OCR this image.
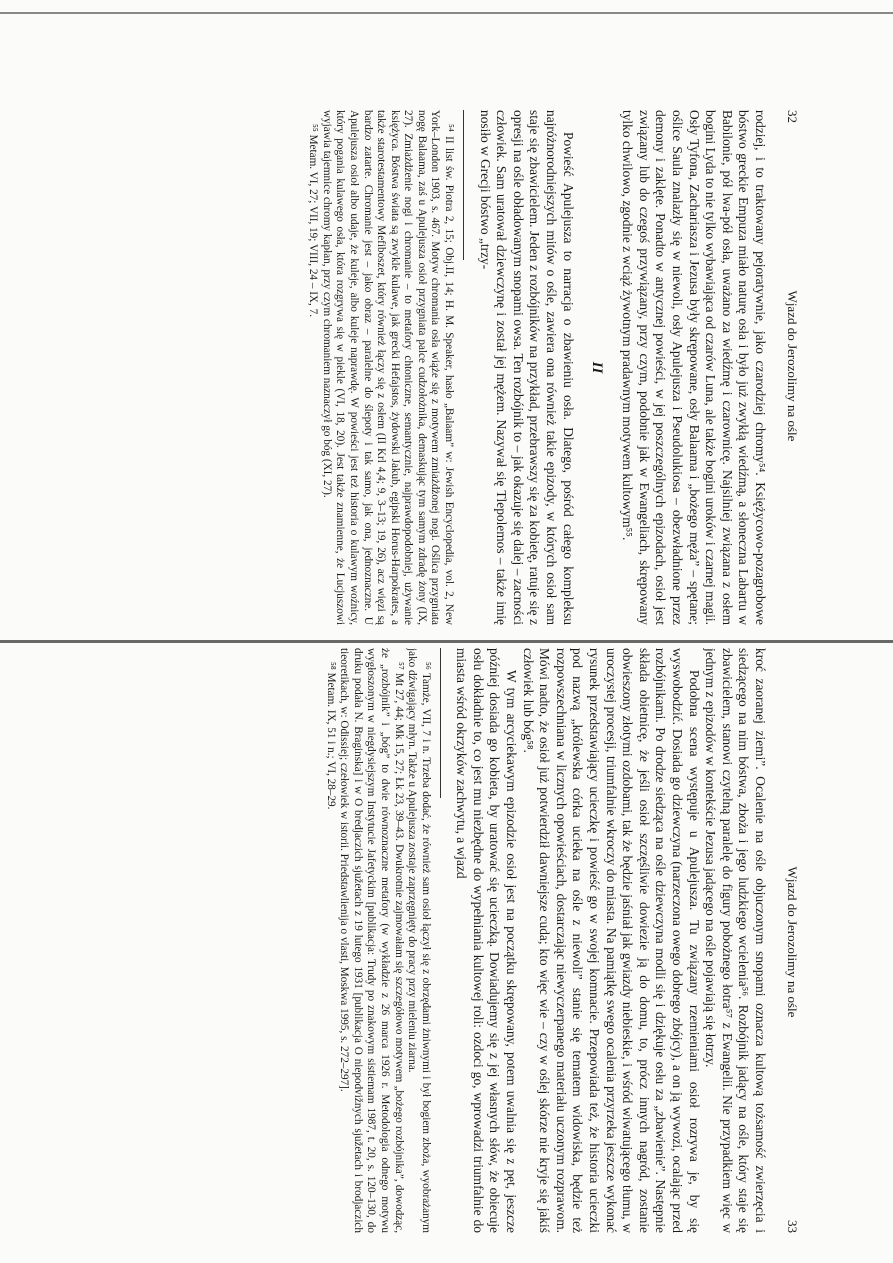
32
Wjazd do Jerozolimy na ośle

rodziej, i to traktowany pejoratywnie, jako czarodziej chromy⁵⁴. Księżycowo-pozagrobowe bóstwo greckie Empuza miało naturę osła i było już zwykłą wiedźmą, a słoneczna Labartu w Babilonie, pół lwa-pół osła, uważano za wiedźmę i czarownicę. Najsilniej związana z osłem bogini Lyda to nie tylko wybawiająca od czarów Luna, ale także bogini uroków i czarnej magii. Osły Tyfona, Zachariasza i Jezusa były skrępowane, osły Balaama i „bożego męża” – spętane; oślice Saula znalazły się w niewoli, osły Apulejusza i Pseudolukiosa – obezwładnione przez demony i zaklęte. Ponadto w antycznej powieści, w jej poszczególnych epizodach, osioł jest związany lub do czegoś przywiązany, przy czym, podobnie jak w Ewangeliach, skrępowany tylko chwilowo, zgodnie z wciąż żywotnym pradawnym motywem kultowym⁵⁵.

II

Powieść Apulejusza to narracja o zbawieniu osła. Dlatego, pośród całego kompleksu najróżnorodniejszych mitów o ośle, zawiera ona również takie epizody, w których osioł sam staje się zbawicielem. Jeden z rozbójników na przykład, przebrawszy się za kobietę, ratuje się z opresji na ośle obładowanym snopami owsa. Ten rozbójnik to – jak okazuje się dalej – zacności człowiek. Sam uratował dziewczynę i został jej mężem. Nazywał się Tlepolemos – także imię nosiło w Grecji bóstwo „trzy-

⁵⁴ II list św. Piotra 2, 15; Obj.II, 14; H. M. Speaker, hasło „Balaam” w: Jewish Encyclopedia, vol. 2, New York–London 1903, s. 467. Motyw chromania osła wiąże się z motywem zmiażdżonej nogi. Oślica przygniata nogę Balaama, zaś u Apulejusza osioł przygniata palce cudzołożnika, demaskując tym samym zdradę żony (IX, 27). Zmiażdżenie nogi i chromanie – to metafory chtoniczne, semantycznie, najprawdopodobniej, używanie księżyca. Bóstwa świata są zwykle kulawe, jak grecki Hefajstos, żydowski Jakub, egipski Horus-Harpokrates, a także starotestamentowy Mefiboszet, który również łączy się z osłem (II Krl 4,4; 9, 3–13; 19, 26), acz więzi są bardzo zatarte. Chromanie jest – jako obraz – paralelne do ślepoty i tak samo, jak ona, jednoznaczne. U Apulejusza osioł albo udaje, że kuleje, albo kuleje naprawdę. W powieści jest też historia o kulawym woźnicy, który pogania kulawego osła, która rozgrywa się w piekle (VI, 18, 20). Jest także znamienne, że Lucjuszowi wyjawia tajemnice chromy kapłan, przy czym chromaniem naznaczył go bóg (XI, 27).

⁵⁵ Metam. VI, 27; VII, 19; VIII, 24 – IX, 7.

Wjazd do Jerozolimy na ośle
33

kroć zaoranej ziemi”. Ocalenie na ośle objuczonym snopami oznacza kultową tożsamość zwierzęcia i siedzącego na nim bóstwa, zboża i jego ludzkiego wcielenia⁵⁶. Rozbójnik jadący na ośle, który staje się zbawicielem, stanowi czytelną paralelę do figury pobożnego łotra⁵⁷ z Ewangelii. Nie przypadkiem więc w jednym z epizodów w kontekście Jezusa jadącego na ośle pojawiają się łotrzy.

Podobna scena występuje u Apulejusza. Tu związany rzemieniami osioł rozrywa je, by się wyswobodzić. Dosiada go dziewczyna (narzeczona owego dobrego zbójcy), a on ją wywozi, ocalając przed rozbójnikami. Po drodze siedząca na ośle dziewczyna modli się i dziękuje osłu za „zbawienie”. Następnie składa obietnicę, że jeśli osioł szczęśliwie dowiezie ją do domu, to, prócz innych nagród, zostanie obwieszony złotymi ozdobami, tak że będzie jaśniał jak gwiazdy niebieskie, i wśród wiwatującego tłumu, w uroczystej procesji, triumfalnie wkroczy do miasta. Na pamiątkę swego ocalenia przyrzeka jeszcze wykonać rysunek przedstawiający ucieczkę i powieść go w swojej komnacie. Przepowiada też, że historia ucieczki pod nazwą „królewska córka ucieka na ośle z niewoli” stanie się tematem widowiska, będzie też rozpowszechniana w licznych opowieściach, dostarczając niewyczerpanego materiału uczonym rozprawom. Mówi nadto, że osioł już potwierdził dawniejsze cuda; kto więc wie – czy w oślej skórze nie kryje się jakiś człowiek lub bóg⁵⁸.

W tym arcyciekawym epizodzie osioł jest na początku skrępowany, potem uwalnia się z pęt, jeszcze później dosiada go kobieta, by uratować się ucieczką. Dowiadujemy się z jej własnych słów, że obiecuje osłu dokładnie to, co jest mu niezbędne do wypełniania kultowej roli: ozdoci go, wprowadzi triumfalnie do miasta wśród okrzyków zachwytu, a wjazd

⁵⁶ Tamże, VII, 7 i n. Trzeba dodać, że również sam osioł łączył się z obrzędami żniwnymi i był bogiem zboża, wyobrażanym jako dźwigający młyn. Także u Apulejusza zostaje zaprzęgnięty do pracy przy mieleniu ziarna.

⁵⁷ Mt 27, 44; Mk 15, 27; Łk 23, 39–43. Dwukrotnie zajmowałam się szczegółowo motywem „bożego rozbójnika”, dowodząc, że „rozbójnik” i „bóg” to dwie równoznaczne metafory (w wykładzie z 26 marca 1926 r. Metodologia odnego motywu wygłoszonym w niegdysiejszym Instytucie Jafetyckim [publikacja: Trudy po znakowym sistiemam 1987, t. 20, s. 120–130, do druku podała N. Braginska] i w O bredjaczich sjužetach z 19 lutego 1931 [publikacja O niepodvižnych sjužetach i brodjaczich tieoretikach, w: Odissiej; czełowiek w istorii. Priedstawlienija o vlasti, Moskwa 1995, s. 272–297].

⁵⁸ Metam. IX, 51 i n.; VI, 28–29.
